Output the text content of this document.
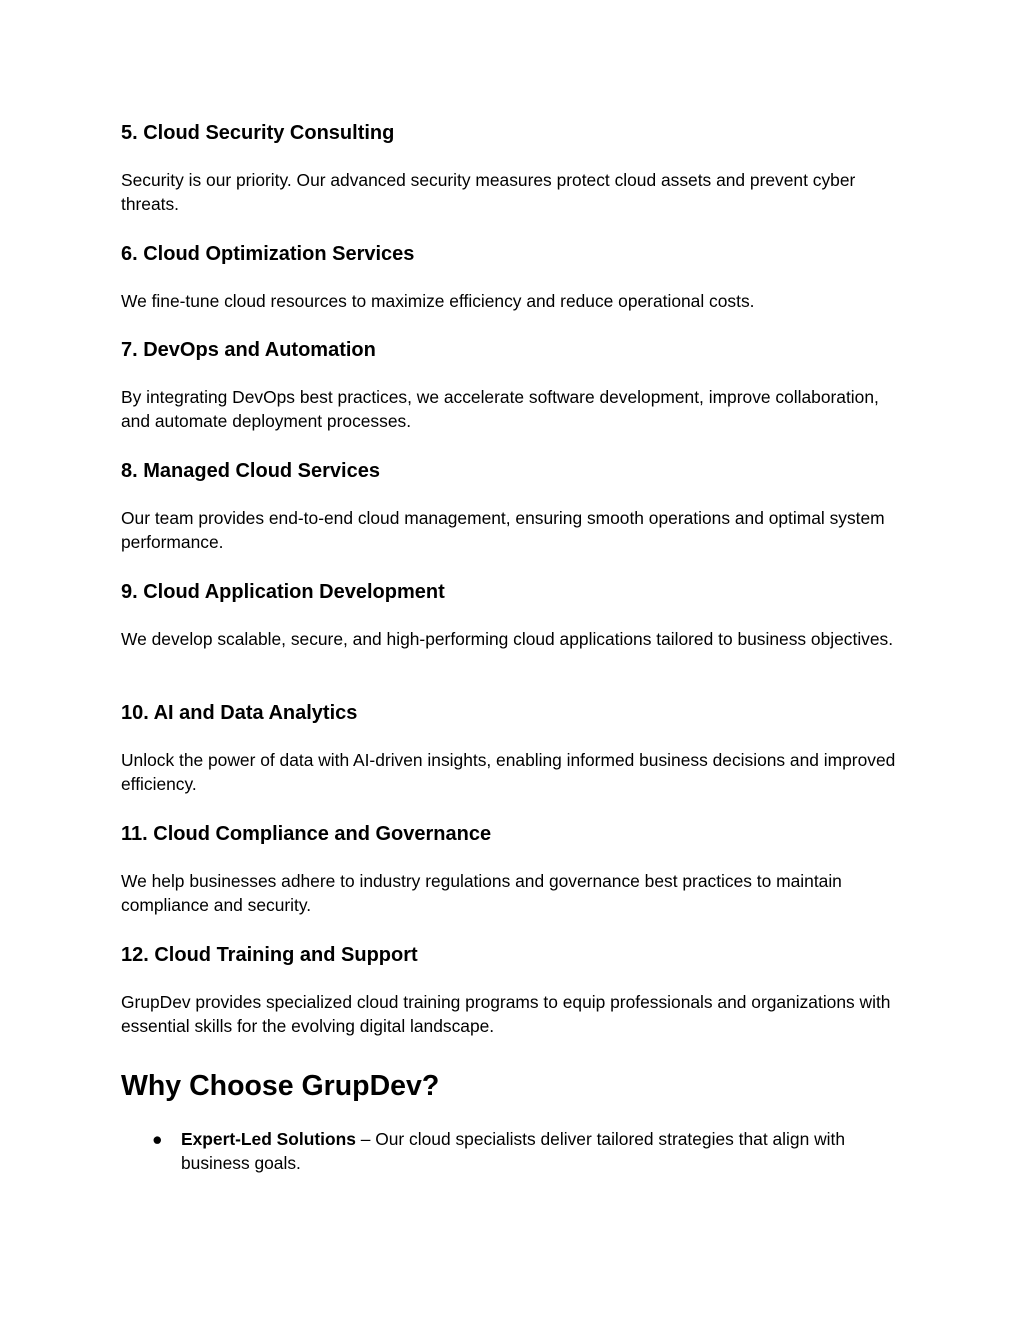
5. Cloud Security Consulting

Security is our priority. Our advanced security measures protect cloud assets and prevent cyber threats.

6. Cloud Optimization Services

We fine-tune cloud resources to maximize efficiency and reduce operational costs.

7. DevOps and Automation

By integrating DevOps best practices, we accelerate software development, improve collaboration, and automate deployment processes.

8. Managed Cloud Services

Our team provides end-to-end cloud management, ensuring smooth operations and optimal system performance.

9. Cloud Application Development

We develop scalable, secure, and high-performing cloud applications tailored to business objectives.

10. AI and Data Analytics

Unlock the power of data with AI-driven insights, enabling informed business decisions and improved efficiency.

11. Cloud Compliance and Governance

We help businesses adhere to industry regulations and governance best practices to maintain compliance and security.

12. Cloud Training and Support

GrupDev provides specialized cloud training programs to equip professionals and organizations with essential skills for the evolving digital landscape.

Why Choose GrupDev?
● Expert-Led Solutions – Our cloud specialists deliver tailored strategies that align with business goals.
